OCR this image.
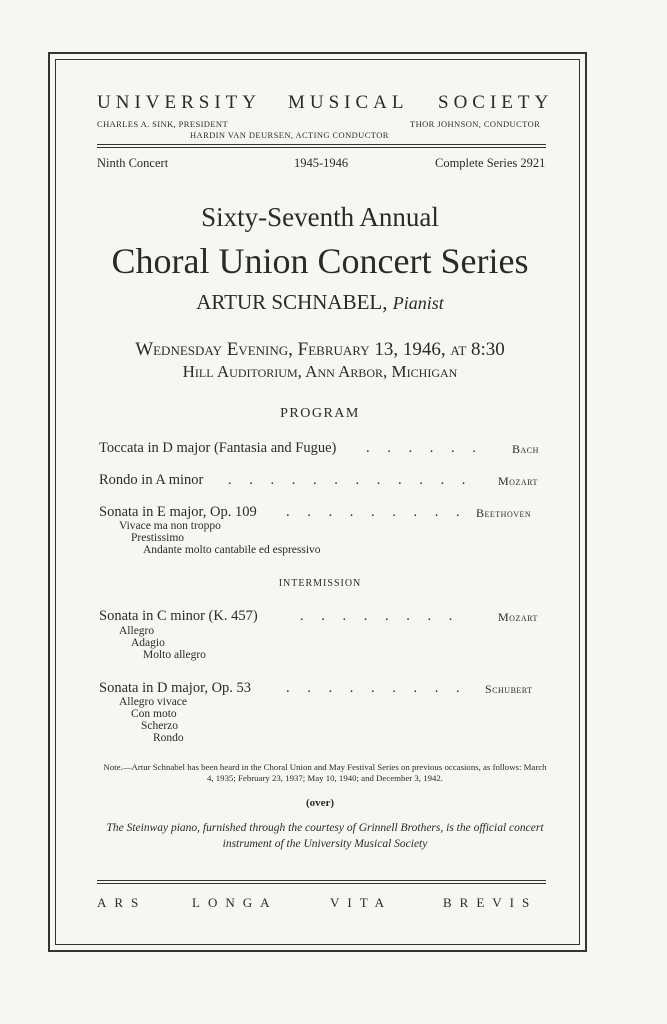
UNIVERSITY MUSICAL SOCIETY
CHARLES A. SINK, PRESIDENT	THOR JOHNSON, CONDUCTOR
HARDIN VAN DEURSEN, ACTING CONDUCTOR
Ninth Concert	1945-1946	Complete Series 2921
Sixty-Seventh Annual
Choral Union Concert Series
ARTUR SCHNABEL, Pianist
Wednesday Evening, February 13, 1946, at 8:30
Hill Auditorium, Ann Arbor, Michigan
PROGRAM
Toccata in D major (Fantasia and Fugue) . . . . . . Bach
Rondo in A minor . . . . . . . . . . . . Mozart
Sonata in E major, Op. 109 . . . . . . . . . Beethoven
Vivace ma non troppo
Prestissimo
Andante molto cantabile ed espressivo
INTERMISSION
Sonata in C minor (K. 457)	. . . . . . . .	Mozart
Allegro
Adagio
Molto allegro
Sonata in D major, Op. 53 . . . . . . . . . Schubert
Allegro vivace
Con moto
Scherzo
Rondo
Note.—Artur Schnabel has been heard in the Choral Union and May Festival Series on previous occasions, as follows: March 4, 1935; February 23, 1937; May 10, 1940; and December 3, 1942.
(over)
The Steinway piano, furnished through the courtesy of Grinnell Brothers, is the official concert instrument of the University Musical Society
ARS	LONGA	VITA	BREVIS
